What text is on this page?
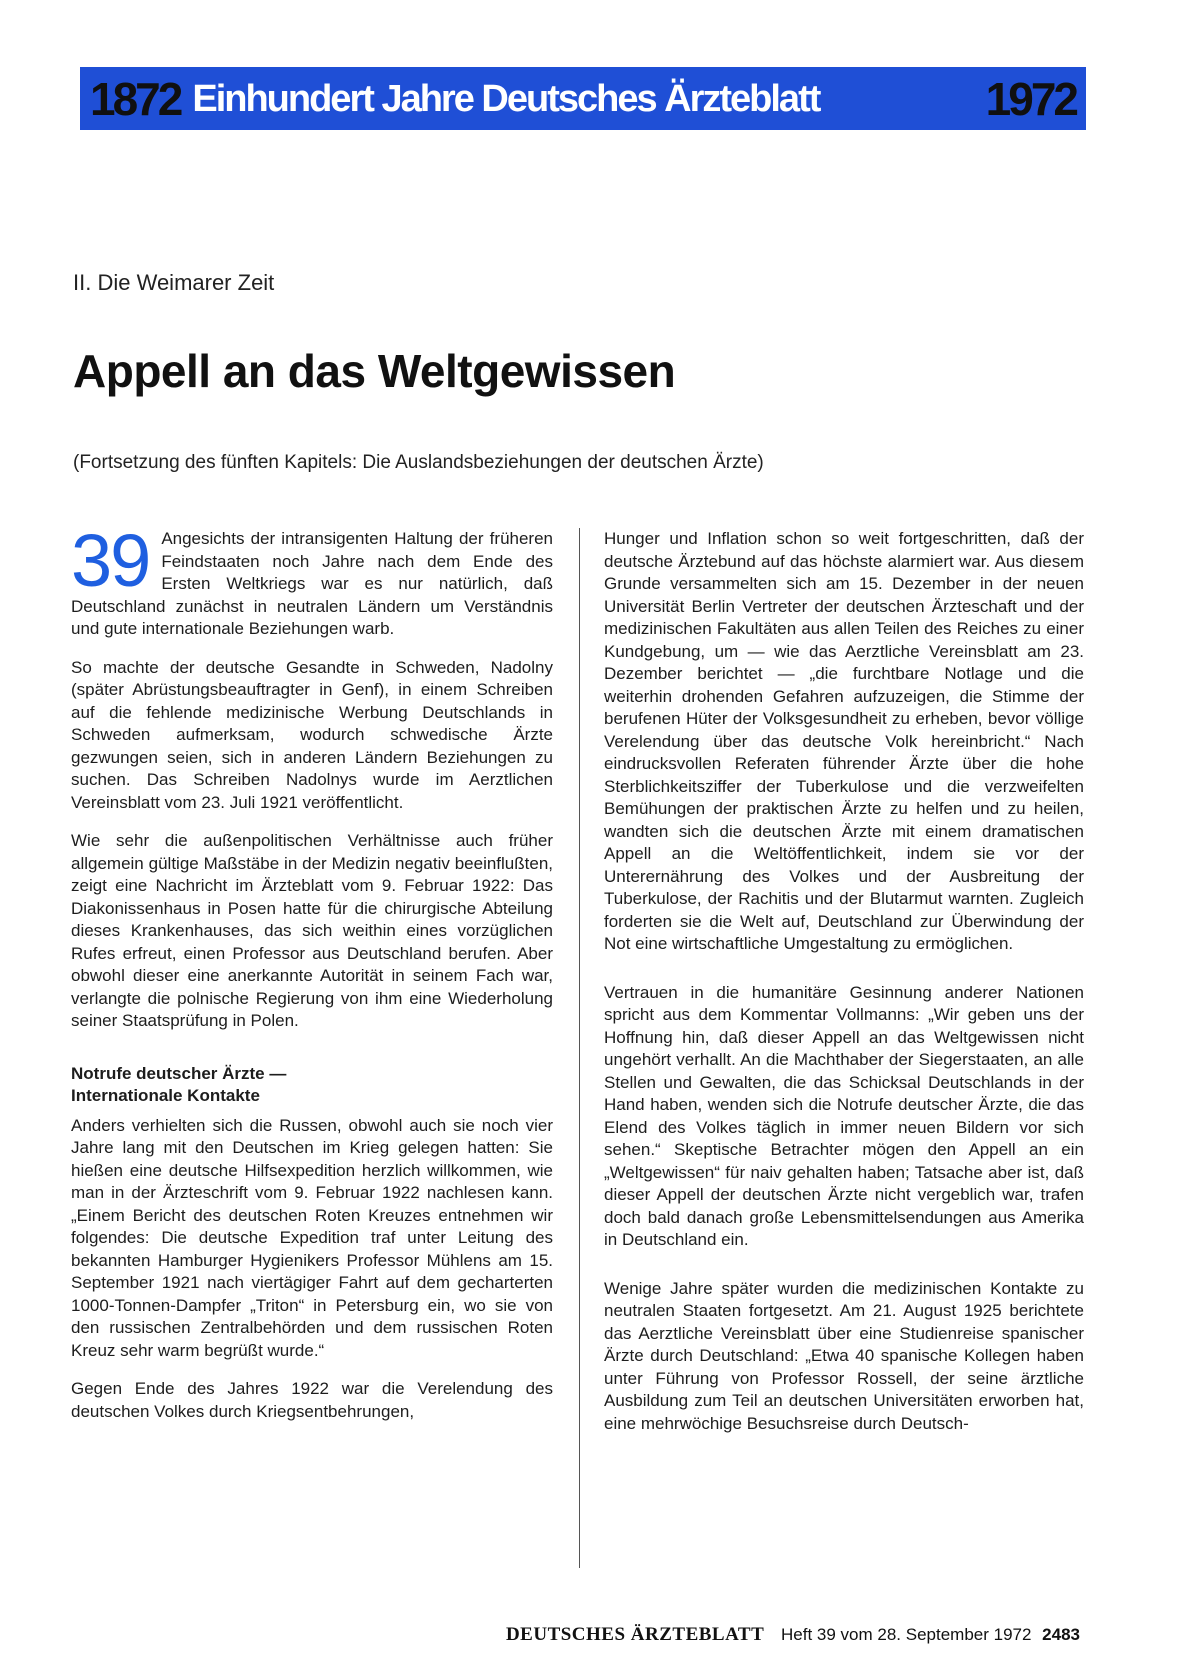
1872 Einhundert Jahre Deutsches Ärzteblatt	1972
II. Die Weimarer Zeit
Appell an das Weltgewissen

(Fortsetzung des fünften Kapitels: Die Auslandsbeziehungen der deutschen Ärzte)

39 Angesichts der intransigenten Haltung der früheren Feindstaaten noch Jahre nach dem Ende des Ersten Weltkriegs war es nur natürlich, daß Deutschland zunächst in neutralen Ländern um Verständnis und gute internationale Beziehungen warb.

So machte der deutsche Gesandte in Schweden, Nadolny (später Abrüstungsbeauftragter in Genf), in einem Schreiben auf die fehlende medizinische Werbung Deutschlands in Schweden aufmerksam, wodurch schwedische Ärzte gezwungen seien, sich in anderen Ländern Beziehungen zu suchen. Das Schreiben Nadolnys wurde im Aerztlichen Vereinsblatt vom 23. Juli 1921 veröffentlicht.

Wie sehr die außenpolitischen Verhältnisse auch früher allgemein gültige Maßstäbe in der Medizin negativ beeinflußten, zeigt eine Nachricht im Ärzteblatt vom 9. Februar 1922: Das Diakonissenhaus in Posen hatte für die chirurgische Abteilung dieses Krankenhauses, das sich weithin eines vorzüglichen Rufes erfreut, einen Professor aus Deutschland berufen. Aber obwohl dieser eine anerkannte Autorität in seinem Fach war, verlangte die polnische Regierung von ihm eine Wiederholung seiner Staatsprüfung in Polen.

Notrufe deutscher Ärzte —
Internationale Kontakte

Anders verhielten sich die Russen, obwohl auch sie noch vier Jahre lang mit den Deutschen im Krieg gelegen hatten: Sie hießen eine deutsche Hilfsexpedition herzlich willkommen, wie man in der Ärzteschrift vom 9. Februar 1922 nachlesen kann. „Einem Bericht des deutschen Roten Kreuzes entnehmen wir folgendes: Die deutsche Expedition traf unter Leitung des bekannten Hamburger Hygienikers Professor Mühlens am 15. September 1921 nach viertägiger Fahrt auf dem gecharterten 1000-Tonnen-Dampfer „Triton“ in Petersburg ein, wo sie von den russischen Zentralbehörden und dem russischen Roten Kreuz sehr warm begrüßt wurde.“

Gegen Ende des Jahres 1922 war die Verelendung des deutschen Volkes durch Kriegsentbehrungen,

Hunger und Inflation schon so weit fortgeschritten, daß der deutsche Ärztebund auf das höchste alarmiert war. Aus diesem Grunde versammelten sich am 15. Dezember in der neuen Universität Berlin Vertreter der deutschen Ärzteschaft und der medizinischen Fakultäten aus allen Teilen des Reiches zu einer Kundgebung, um — wie das Aerztliche Vereinsblatt am 23. Dezember berichtet — „die furchtbare Notlage und die weiterhin drohenden Gefahren aufzuzeigen, die Stimme der berufenen Hüter der Volksgesundheit zu erheben, bevor völlige Verelendung über das deutsche Volk hereinbricht.“ Nach eindrucksvollen Referaten führender Ärzte über die hohe Sterblichkeitsziffer der Tuberkulose und die verzweifelten Bemühungen der praktischen Ärzte zu helfen und zu heilen, wandten sich die deutschen Ärzte mit einem dramatischen Appell an die Weltöffentlichkeit, indem sie vor der Unterernährung des Volkes und der Ausbreitung der Tuberkulose, der Rachitis und der Blutarmut warnten. Zugleich forderten sie die Welt auf, Deutschland zur Überwindung der Not eine wirtschaftliche Umgestaltung zu ermöglichen.

Vertrauen in die humanitäre Gesinnung anderer Nationen spricht aus dem Kommentar Vollmanns: „Wir geben uns der Hoffnung hin, daß dieser Appell an das Weltgewissen nicht ungehört verhallt. An die Machthaber der Siegerstaaten, an alle Stellen und Gewalten, die das Schicksal Deutschlands in der Hand haben, wenden sich die Notrufe deutscher Ärzte, die das Elend des Volkes täglich in immer neuen Bildern vor sich sehen.“ Skeptische Betrachter mögen den Appell an ein „Weltgewissen“ für naiv gehalten haben; Tatsache aber ist, daß dieser Appell der deutschen Ärzte nicht vergeblich war, trafen doch bald danach große Lebensmittelsendungen aus Amerika in Deutschland ein.

Wenige Jahre später wurden die medizinischen Kontakte zu neutralen Staaten fortgesetzt. Am 21. August 1925 berichtete das Aerztliche Vereinsblatt über eine Studienreise spanischer Ärzte durch Deutschland: „Etwa 40 spanische Kollegen haben unter Führung von Professor Rossell, der seine ärztliche Ausbildung zum Teil an deutschen Universitäten erworben hat, eine mehrwöchige Besuchsreise durch Deutsch-

DEUTSCHES ÄRZTEBLATT Heft 39 vom 28. September 1972 2483
